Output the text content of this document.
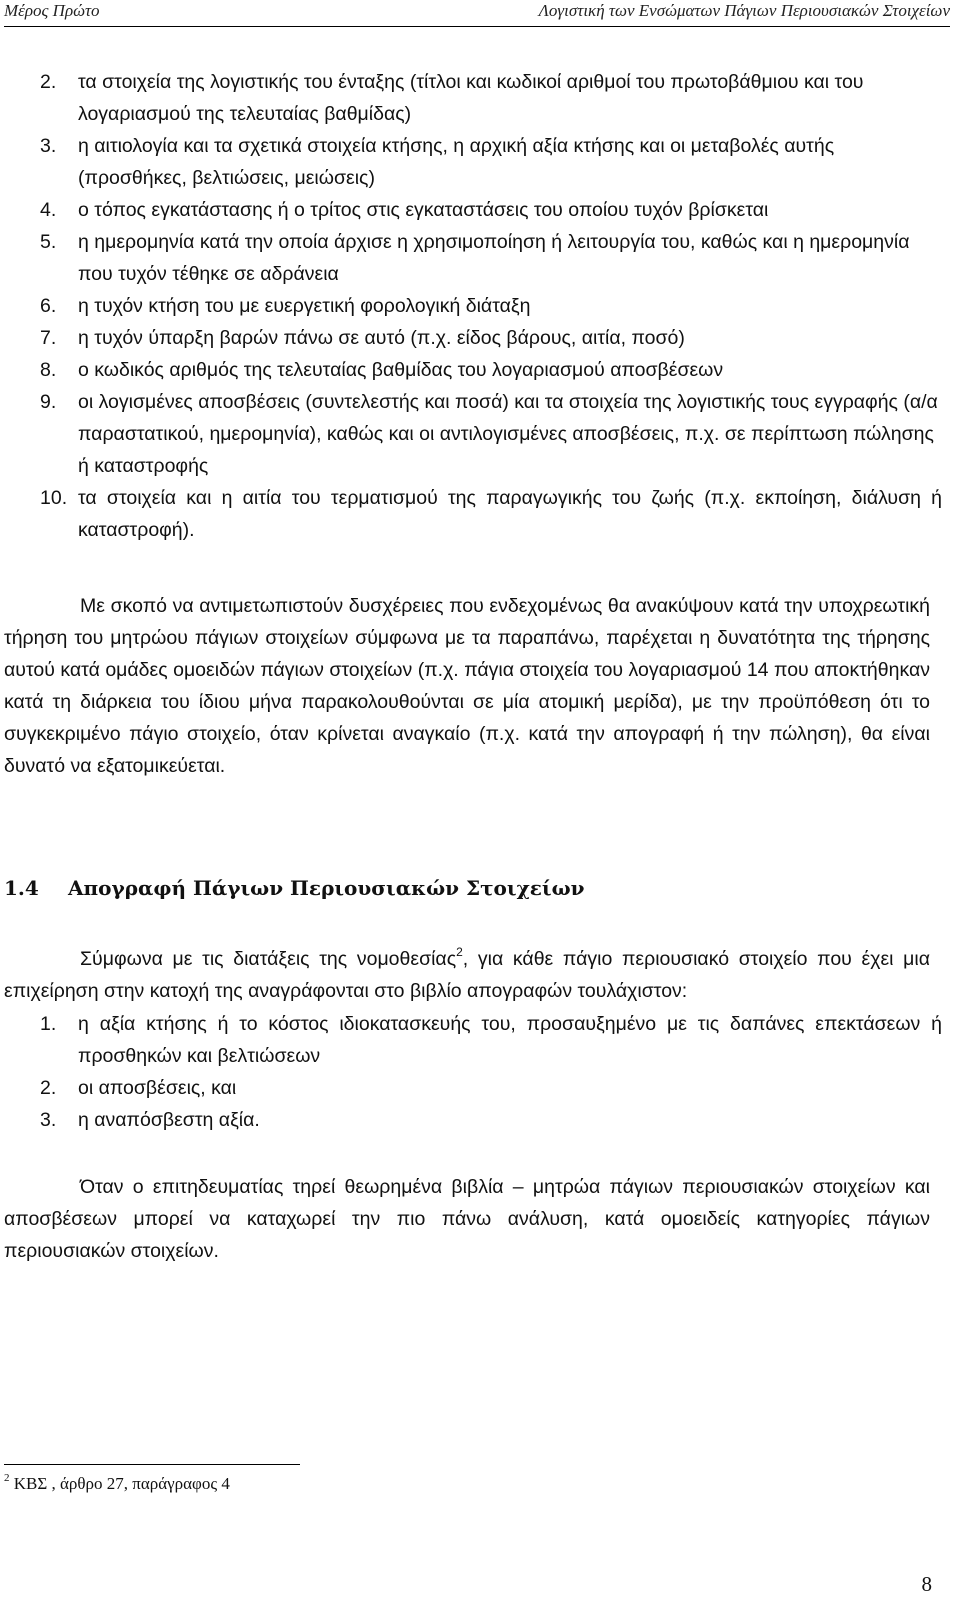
Μέρος Πρώτο	Λογιστική των Ενσώματων Πάγιων Περιουσιακών Στοιχείων
2. τα στοιχεία της λογιστικής του ένταξης (τίτλοι και κωδικοί αριθμοί του πρωτοβάθμιου και του λογαριασμού της τελευταίας βαθμίδας)
3. η αιτιολογία και τα σχετικά στοιχεία κτήσης, η αρχική αξία κτήσης και οι μεταβολές αυτής (προσθήκες, βελτιώσεις, μειώσεις)
4. ο τόπος εγκατάστασης ή ο τρίτος στις εγκαταστάσεις του οποίου τυχόν βρίσκεται
5. η ημερομηνία κατά την οποία άρχισε η χρησιμοποίηση ή λειτουργία του, καθώς και η ημερομηνία που τυχόν τέθηκε σε αδράνεια
6. η τυχόν κτήση του με ευεργετική φορολογική διάταξη
7. η τυχόν ύπαρξη βαρών πάνω σε αυτό (π.χ. είδος βάρους, αιτία, ποσό)
8. ο κωδικός αριθμός της τελευταίας βαθμίδας του λογαριασμού αποσβέσεων
9. οι λογισμένες αποσβέσεις (συντελεστής και ποσά) και τα στοιχεία της λογιστικής τους εγγραφής (α/α παραστατικού, ημερομηνία), καθώς και οι αντιλογισμένες αποσβέσεις, π.χ. σε περίπτωση πώλησης ή καταστροφής
10. τα στοιχεία και η αιτία του τερματισμού της παραγωγικής του ζωής (π.χ. εκποίηση, διάλυση ή καταστροφή).

Με σκοπό να αντιμετωπιστούν δυσχέρειες που ενδεχομένως θα ανακύψουν κατά την υποχρεωτική τήρηση του μητρώου πάγιων στοιχείων σύμφωνα με τα παραπάνω, παρέχεται η δυνατότητα της τήρησης αυτού κατά ομάδες ομοειδών πάγιων στοιχείων (π.χ. πάγια στοιχεία του λογαριασμού 14 που αποκτήθηκαν κατά τη διάρκεια του ίδιου μήνα παρακολουθούνται σε μία ατομική μερίδα), με την προϋπόθεση ότι το συγκεκριμένο πάγιο στοιχείο, όταν κρίνεται αναγκαίο (π.χ. κατά την απογραφή ή την πώληση), θα είναι δυνατό να εξατομικεύεται.

1.4 Απογραφή Πάγιων Περιουσιακών Στοιχείων

Σύμφωνα με τις διατάξεις της νομοθεσίας$^2$, για κάθε πάγιο περιουσιακό στοιχείο που έχει μια επιχείρηση στην κατοχή της αναγράφονται στο βιβλίο απογραφών τουλάχιστον:

1. η αξία κτήσης ή το κόστος ιδιοκατασκευής του, προσαυξημένο με τις δαπάνες επεκτάσεων ή προσθηκών και βελτιώσεων
2. οι αποσβέσεις, και
3. η αναπόσβεστη αξία.

Όταν ο επιτηδευματίας τηρεί θεωρημένα βιβλία – μητρώα πάγιων περιουσιακών στοιχείων και αποσβέσεων μπορεί να καταχωρεί την πιο πάνω ανάλυση, κατά ομοειδείς κατηγορίες πάγιων περιουσιακών στοιχείων.

$^2$ ΚΒΣ , άρθρο 27, παράγραφος 4
8
